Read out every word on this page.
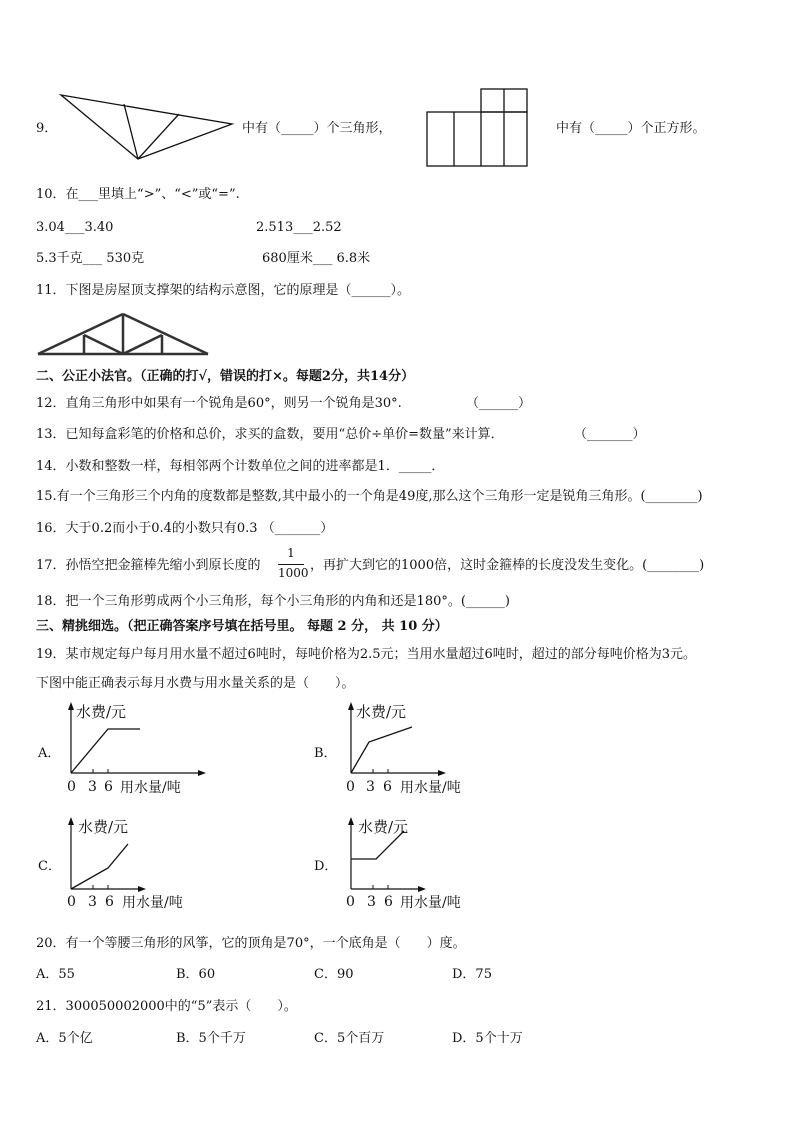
9．	中有（_____）个三角形，	中有（_____）个正方形。
10．在___里填上“>”、“<”或“=”.
3.04___3.40	2.513___2.52
5.3千克___ 530克	680厘米___ 6.8米
11．下图是房屋顶支撑架的结构示意图，它的原理是（______）。
二、公正小法官。（正确的打√，错误的打×。每题2分，共14分）
12．直角三角形中如果有一个锐角是60°，则另一个锐角是30°.	（______）
13．已知每盒彩笔的价格和总价，求买的盒数，要用“总价÷单价=数量”来计算．	（_______）
14．小数和整数一样，每相邻两个计数单位之间的进率都是1．_____．
15.有一个三角形三个内角的度数都是整数,其中最小的一个角是49度,那么这个三角形一定是锐角三角形。(________)
16．大于0.2而小于0.4的小数只有0.3 （_______）
17．孙悟空把金箍棒先缩小到原长度的
1
1000 ，再扩大到它的1000倍，这时金箍棒的长度没发生变化。(________)
18．把一个三角形剪成两个小三角形，每个小三角形的内角和还是180°。(______)
三、精挑细选。（把正确答案序号填在括号里。 每题 2 分， 共 10 分）
19．某市规定每户每月用水量不超过6吨时，每吨价格为2.5元；当用水量超过6吨时，超过的部分每吨价格为3元。
下图中能正确表示每月水费与用水量关系的是（　　）。
A．
水费/元
0 3 6 用水量/吨
B．
水费/元
0 3 6 用水量/吨
C．
水费/元
0 3 6 用水量/吨
D．
水费/元
0 3 6 用水量/吨
20．有一个等腰三角形的风筝，它的顶角是70°，一个底角是（　　）度。
A．55	B．60	C．90	D．75
21．300050002000中的“5”表示（　　）。
A．5个亿	B．5个千万	C．5个百万	D．5个十万
